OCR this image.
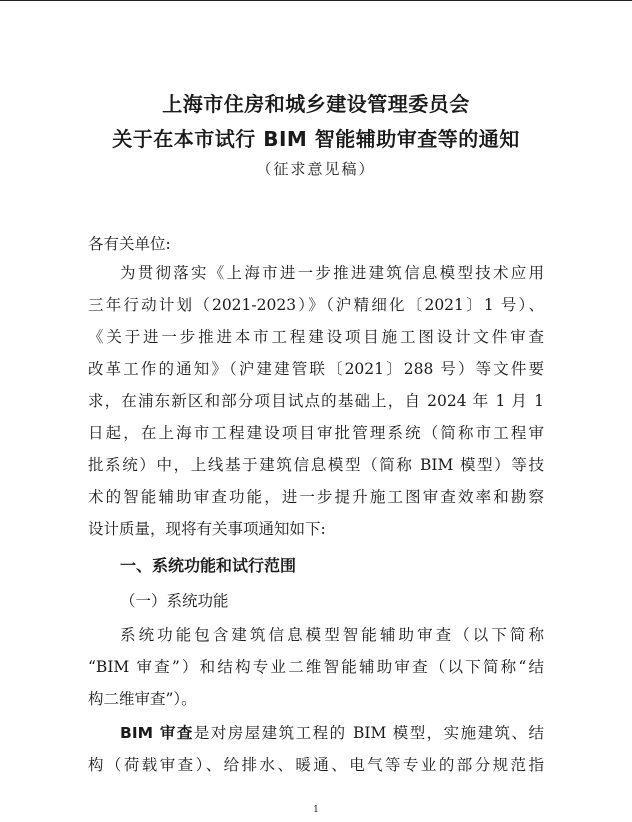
上海市住房和城乡建设管理委员会
关于在本市试行 BIM 智能辅助审查等的通知
（征求意见稿）
各有关单位:
为贯彻落实《上海市进一步推进建筑信息模型技术应用
三年行动计划（2021-2023）》（沪精细化〔2021〕1 号）、
《关于进一步推进本市工程建设项目施工图设计文件审查
改革工作的通知》（沪建建管联〔2021〕288 号）等文件要
求，在浦东新区和部分项目试点的基础上，自 2024 年 1 月 1
日起，在上海市工程建设项目审批管理系统（简称市工程审
批系统）中，上线基于建筑信息模型（简称 BIM 模型）等技
术的智能辅助审查功能，进一步提升施工图审查效率和勘察
设计质量，现将有关事项通知如下:
一、系统功能和试行范围
（一）系统功能
系统功能包含建筑信息模型智能辅助审查（以下简称
“BIM 审查”）和结构专业二维智能辅助审查（以下简称“结
构二维审查”）。
BIM 审查是对房屋建筑工程的 BIM 模型，实施建筑、结
构（荷载审查）、给排水、暖通、电气等专业的部分规范指
1
